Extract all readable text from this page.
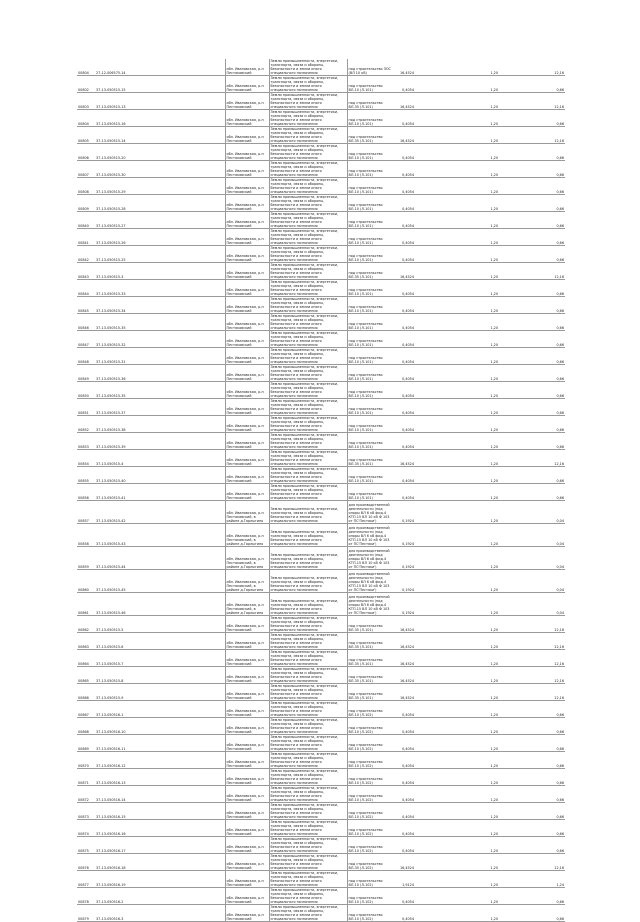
00804	27-12-006575-14		обл. Ивановская, р-н Пестяковский	Земли промышленности, энергетики, транспорта, связи и обороны, безопасности и земли иного специального назначения	под строительство ЗОС (ВЛ 10 кВ)	16,4524		1,20		12,16
00802	37-13-050515-15		обл. Ивановская, р-н Пестяковский	Земли промышленности, энергетики, транспорта, связи и обороны, безопасности и земли иного специального назначения	под строительство ВЛ-10 (Л-101)	0,4054		1,20		0,66
00803	37-13-050515-13		обл. Ивановская, р-н Пестяковский	Земли промышленности, энергетики, транспорта, связи и обороны, безопасности и земли иного специального назначения	под строительство ВЛ-35 (Л-101)	16,4524		1,20		12,16
00804	37-13-050515-16		обл. Ивановская, р-н Пестяковский	Земли промышленности, энергетики, транспорта, связи и обороны, безопасности и земли иного специального назначения	под строительство ВЛ-10 (Л-101)	0,4054		1,20		0,66
00805	37-13-050515-14		обл. Ивановская, р-н Пестяковский	Земли промышленности, энергетики, транспорта, связи и обороны, безопасности и земли иного специального назначения	под строительство ВЛ-35 (Л-101)	16,4524		1,20		12,16
00806	37-13-050515-20		обл. Ивановская, р-н Пестяковский	Земли промышленности, энергетики, транспорта, связи и обороны, безопасности и земли иного специального назначения	под строительство ВЛ-10 (Л-101)	0,4054		1,20		0,66
00807	37-13-050515-30		обл. Ивановская, р-н Пестяковский	Земли промышленности, энергетики, транспорта, связи и обороны, безопасности и земли иного специального назначения	под строительство ВЛ-10 (Л-101)	0,4054		1,20		0,66
00808	37-13-050515-29		обл. Ивановская, р-н Пестяковский	Земли промышленности, энергетики, транспорта, связи и обороны, безопасности и земли иного специального назначения	под строительство ВЛ-10 (Л-101)	0,4054		1,20		0,66
00809	37-13-050515-28		обл. Ивановская, р-н Пестяковский	Земли промышленности, энергетики, транспорта, связи и обороны, безопасности и земли иного специального назначения	под строительство ВЛ-10 (Л-101)	0,4054		1,20		0,66
00840	37-13-050515-27		обл. Ивановская, р-н Пестяковский	Земли промышленности, энергетики, транспорта, связи и обороны, безопасности и земли иного специального назначения	под строительство ВЛ-10 (Л-101)	0,4054		1,20		0,66
00841	37-13-050515-26		обл. Ивановская, р-н Пестяковский	Земли промышленности, энергетики, транспорта, связи и обороны, безопасности и земли иного специального назначения	под строительство ВЛ-10 (Л-101)	0,4054		1,20		0,66
00842	37-13-050515-25		обл. Ивановская, р-н Пестяковский	Земли промышленности, энергетики, транспорта, связи и обороны, безопасности и земли иного специального назначения	под строительство ВЛ-10 (Л-101)	0,4054		1,20		0,66
00843	37-13-050515-3		обл. Ивановская, р-н Пестяковский	Земли промышленности, энергетики, транспорта, связи и обороны, безопасности и земли иного специального назначения	под строительство ВЛ-35 (Л-101)	16,4524		1,20		12,16
00844	37-13-050515-33		обл. Ивановская, р-н Пестяковский	Земли промышленности, энергетики, транспорта, связи и обороны, безопасности и земли иного специального назначения	под строительство ВЛ-10 (Л-101)	0,4054		1,20		0,66
00845	37-13-050515-34		обл. Ивановская, р-н Пестяковский	Земли промышленности, энергетики, транспорта, связи и обороны, безопасности и земли иного специального назначения	под строительство ВЛ-10 (Л-101)	0,4054		1,20		0,66
00846	37-13-050515-35		обл. Ивановская, р-н Пестяковский	Земли промышленности, энергетики, транспорта, связи и обороны, безопасности и земли иного специального назначения	под строительство ВЛ-10 (Л-101)	0,4054		1,20		0,66
00847	37-13-050515-32		обл. Ивановская, р-н Пестяковский	Земли промышленности, энергетики, транспорта, связи и обороны, безопасности и земли иного специального назначения	под строительство ВЛ-10 (Л-101)	0,4054		1,20		0,66
00848	37-13-050515-31		обл. Ивановская, р-н Пестяковский	Земли промышленности, энергетики, транспорта, связи и обороны, безопасности и земли иного специального назначения	под строительство ВЛ-10 (Л-101)	0,4054		1,20		0,66
00849	37-13-050515-36		обл. Ивановская, р-н Пестяковский	Земли промышленности, энергетики, транспорта, связи и обороны, безопасности и земли иного специального назначения	под строительство ВЛ-10 (Л-101)	0,4054		1,20		0,66
00850	37-13-050515-35		обл. Ивановская, р-н Пестяковский	Земли промышленности, энергетики, транспорта, связи и обороны, безопасности и земли иного специального назначения	под строительство ВЛ-10 (Л-101)	0,4054		1,20		0,66
00851	37-13-050515-37		обл. Ивановская, р-н Пестяковский	Земли промышленности, энергетики, транспорта, связи и обороны, безопасности и земли иного специального назначения	под строительство ВЛ-10 (Л-101)	0,4054		1,20		0,66
00852	37-13-050515-38		обл. Ивановская, р-н Пестяковский	Земли промышленности, энергетики, транспорта, связи и обороны, безопасности и земли иного специального назначения	под строительство ВЛ-10 (Л-101)	0,4054		1,20		0,66
00853	37-13-050515-39		обл. Ивановская, р-н Пестяковский	Земли промышленности, энергетики, транспорта, связи и обороны, безопасности и земли иного специального назначения	под строительство ВЛ-10 (Л-101)	0,4054		1,20		0,66
00854	37-13-050515-4		обл. Ивановская, р-н Пестяковский	Земли промышленности, энергетики, транспорта, связи и обороны, безопасности и земли иного специального назначения	под строительство ВЛ-35 (Л-101)	16,4524		1,20		12,16
00855	37-13-050515-40		обл. Ивановская, р-н Пестяковский	Земли промышленности, энергетики, транспорта, связи и обороны, безопасности и земли иного специального назначения	под строительство ВЛ-10 (Л-101)	0,4054		1,20		0,66
00856	37-13-050515-41		обл. Ивановская, р-н Пестяковский	Земли промышленности, энергетики, транспорта, связи и обороны, безопасности и земли иного специального назначения	под строительство ВЛ-10 (Л-101)	0,4054		1,20		0,66
00857	37-13-050515-42		обл. Ивановская, р-н Пестяковский, в районе д.Гарлыгино	Земли промышленности, энергетики, транспорта, связи и обороны, безопасности и земли иного специального назначения	для производственной деятельности (под опоры ВЛ 6 кВ фид.4 КТП-15 ВЛ 10 кВ Ф 103 от ПС'Пестяки')	0,1924		1,20		0,04
00858	37-13-050515-43		обл. Ивановская, р-н Пестяковский, в районе д.Гарлыгино	Земли промышленности, энергетики, транспорта, связи и обороны, безопасности и земли иного специального назначения	для производственной деятельности (под опоры ВЛ 6 кВ фид.4 КТП-15 ВЛ 10 кВ Ф 103 от ПС'Пестяки')	0,1924		1,20		0,04
00859	37-13-050515-44		обл. Ивановская, р-н Пестяковский, в районе д.Гарлыгино	Земли промышленности, энергетики, транспорта, связи и обороны, безопасности и земли иного специального назначения	для производственной деятельности (под опоры ВЛ 6 кВ фид.4 КТП-15 ВЛ 10 кВ Ф 103 от ПС'Пестяки')	0,1924		1,20		0,04
00860	37-13-050515-45		обл. Ивановская, р-н Пестяковский, в районе д.Гарлыгино	Земли промышленности, энергетики, транспорта, связи и обороны, безопасности и земли иного специального назначения	для производственной деятельности (под опоры ВЛ 6 кВ фид.4 КТП-15 ВЛ 10 кВ Ф 103 от ПС'Пестяки')	0,1924		1,20		0,04
00861	37-13-050515-46		обл. Ивановская, р-н Пестяковский, в районе д.Гарлыгино	Земли промышленности, энергетики, транспорта, связи и обороны, безопасности и земли иного специального назначения	для производственной деятельности (под опоры ВЛ 6 кВ фид.4 КТП-15 ВЛ 10 кВ Ф 103 от ПС'Пестяки')	0,1924		1,20		0,04
00862	37-13-050515-5		обл. Ивановская, р-н Пестяковский	Земли промышленности, энергетики, транспорта, связи и обороны, безопасности и земли иного специального назначения	под строительство ВЛ-35 (Л-101)	16,4524		1,20		12,16
00863	37-13-050515-6		обл. Ивановская, р-н Пестяковский	Земли промышленности, энергетики, транспорта, связи и обороны, безопасности и земли иного специального назначения	под строительство ВЛ-35 (Л-101)	16,4524		1,20		12,16
00864	37-13-050515-7		обл. Ивановская, р-н Пестяковский	Земли промышленности, энергетики, транспорта, связи и обороны, безопасности и земли иного специального назначения	под строительство ВЛ-35 (Л-101)	16,4524		1,20		12,16
00865	37-13-050515-8		обл. Ивановская, р-н Пестяковский	Земли промышленности, энергетики, транспорта, связи и обороны, безопасности и земли иного специального назначения	под строительство ВЛ-35 (Л-101)	16,4524		1,20		12,16
00866	37-13-050515-9		обл. Ивановская, р-н Пестяковский	Земли промышленности, энергетики, транспорта, связи и обороны, безопасности и земли иного специального назначения	под строительство ВЛ-35 (Л-101)	16,4524		1,20		12,16
00867	37-13-050516-1		обл. Ивановская, р-н Пестяковский	Земли промышленности, энергетики, транспорта, связи и обороны, безопасности и земли иного специального назначения	под строительство ВЛ-10 (Л-102)	0,4054		1,20		0,66
00868	37-13-050516-10		обл. Ивановская, р-н Пестяковский	Земли промышленности, энергетики, транспорта, связи и обороны, безопасности и земли иного специального назначения	под строительство ВЛ-10 (Л-102)	0,4054		1,20		0,66
00869	37-13-050516-11		обл. Ивановская, р-н Пестяковский	Земли промышленности, энергетики, транспорта, связи и обороны, безопасности и земли иного специального назначения	под строительство ВЛ-10 (Л-102)	0,4054		1,20		0,66
00870	37-13-050516-12		обл. Ивановская, р-н Пестяковский	Земли промышленности, энергетики, транспорта, связи и обороны, безопасности и земли иного специального назначения	под строительство ВЛ-10 (Л-102)	0,4054		1,20		0,66
00871	37-13-050516-13		обл. Ивановская, р-н Пестяковский	Земли промышленности, энергетики, транспорта, связи и обороны, безопасности и земли иного специального назначения	под строительство ВЛ-10 (Л-102)	0,4054		1,20		0,66
00872	37-13-050516-14		обл. Ивановская, р-н Пестяковский	Земли промышленности, энергетики, транспорта, связи и обороны, безопасности и земли иного специального назначения	под строительство ВЛ-10 (Л-102)	0,4054		1,20		0,66
00873	37-13-050516-15		обл. Ивановская, р-н Пестяковский	Земли промышленности, энергетики, транспорта, связи и обороны, безопасности и земли иного специального назначения	под строительство ВЛ-10 (Л-102)	0,4054		1,20		0,66
00874	37-13-050516-16		обл. Ивановская, р-н Пестяковский	Земли промышленности, энергетики, транспорта, связи и обороны, безопасности и земли иного специального назначения	под строительство ВЛ-10 (Л-102)	0,4054		1,20		0,66
00875	37-13-050516-17		обл. Ивановская, р-н Пестяковский	Земли промышленности, энергетики, транспорта, связи и обороны, безопасности и земли иного специального назначения	под строительство ВЛ-10 (Л-102)	0,4054		1,20		0,66
00876	37-13-050516-18		обл. Ивановская, р-н Пестяковский	Земли промышленности, энергетики, транспорта, связи и обороны, безопасности и земли иного специального назначения	под строительство ВЛ-35 (Л-102)	16,4524		1,20		12,16
00877	37-13-050516-19		обл. Ивановская, р-н Пестяковский	Земли промышленности, энергетики, транспорта, связи и обороны, безопасности и земли иного специального назначения	под строительство ВЛ-10 (Л-102)	1,9124		1,20		1,24
00878	37-13-050516-2		обл. Ивановская, р-н Пестяковский	Земли промышленности, энергетики, транспорта, связи и обороны, безопасности и земли иного специального назначения	под строительство ВЛ-10 (Л-102)	0,4054		1,20		0,66
00879	37-13-050516-3		обл. Ивановская, р-н Пестяковский	Земли промышленности, энергетики, транспорта, связи и обороны, безопасности и земли иного специального назначения	под строительство ВЛ-10 (Л-102)	0,4054		1,20		0,66
